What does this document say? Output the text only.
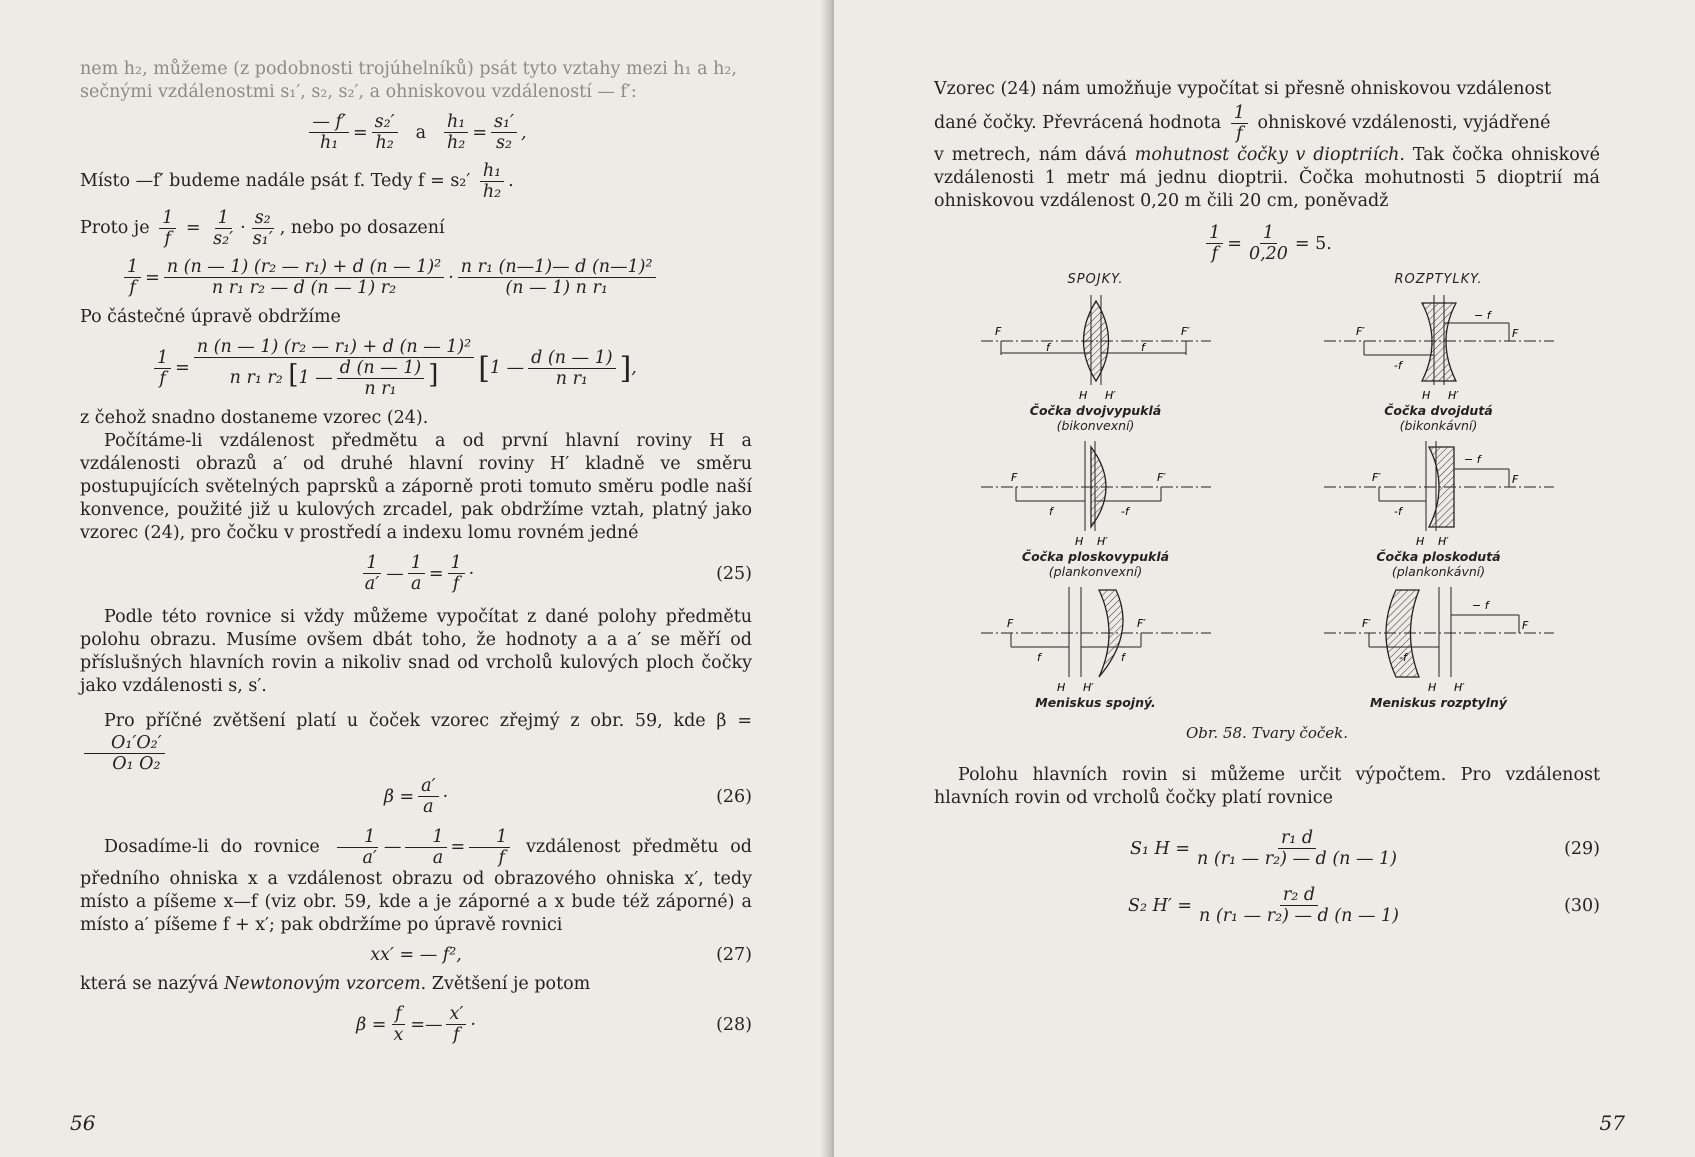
nem h₂, můžeme (z podobnosti trojúhelníků) psát tyto vztahy mezi h₁ a h₂,

sečnými vzdálenostmi s₁′, s₂, s₂′, a ohniskovou vzdáleností — f′:

$\frac{— f'}{\text{h₁}} = \frac{\text{s₂′}}{\text{h₂}}$ a $\frac{\text{h₁}}{\text{h₂}} = \frac{\text{s₁′}}{\text{s₂}}$ ,

Místo —f′ budeme nadále psát f. Tedy $f = s_2' \frac{\text{h₁}}{\text{h₂}}$ .

Proto je $\frac{1}{f} = \frac{1}{\text{s₂′}} \cdot \frac{\text{s₂}}{\text{s₁′}}$ , nebo po dosazení

$\frac{1}{f} = \frac{\text{n (n — 1) (r₂ — r₁) + d (n — 1)²}}{\text{n r₁ r₂ — d (n — 1) r₂}} \cdot \frac{\text{n r₁ (n—1)— d (n—1)²}}{\text{(n — 1) n r₁}}$

Po částečné úpravě obdržíme

$\frac{1}{f} = \frac{\text{n (n — 1) (r₂ — r₁) + d (n — 1)²}}{n r_1 r_2 [1 — \frac{d (n — 1)}{\text{n r₁}} ]}$ [ 1 — $\frac{d (n — 1)}{\text{n r₁}}$ ] ,

z čehož snadno dostaneme vzorec (24).

Počítáme-li vzdálenost předmětu a od první hlavní roviny H a vzdálenosti obrazů a′ od druhé hlavní roviny H′ kladně ve směru postupujících světelných paprsků a záporně proti tomuto směru podle naší konvence, použité již u kulových zrcadel, pak obdržíme vztah, platný jako vzorec (24), pro čočku v prostředí a indexu lomu rovném jedné

$\frac{1}{a'}$ — $\frac{1}{a} = \frac{1}{f}$ ·	(25)

Podle této rovnice si vždy můžeme vypočítat z dané polohy předmětu polohu obrazu. Musíme ovšem dbát toho, že hodnoty a a a′ se měří od příslušných hlavních rovin a nikoliv snad od vrcholů kulových ploch čočky jako vzdálenosti s, s′.

Pro příčné zvětšení platí u čoček vzorec zřejmý z obr. 59, kde β =
$\frac{\text{O₁′O₂′}}{\text{O₁ O₂}}$

$\beta = \frac{a'}{a}$ ·	(26)

Dosadíme-li do rovnice $\frac{1}{a'}$ — $\frac{1}{a} = \frac{1}{f}$ vzdálenost předmětu od předního ohniska x a vzdálenost obrazu od obrazového ohniska x′, tedy místo a píšeme x—f (viz obr. 59, kde a je záporné a x bude též záporné) a místo a′ píšeme f + x′; pak obdržíme po úpravě rovnici

xx′ = — f²,	(27)

která se nazývá Newtonovým vzorcem. Zvětšení je potom

$\beta = \frac{f}{x}$ = — $\frac{x'}{f}$ ·	(28)
56

Vzorec (24) nám umožňuje vypočítat si přesně ohniskovou vzdálenost

dané čočky. Převrácená hodnota $\frac{1}{f}$ ohniskové vzdálenosti, vyjádřené

v metrech, nám dává mohutnost čočky v dioptriích. Tak čočka ohniskové vzdálenosti 1 metr má jednu dioptrii. Čočka mohutnosti 5 dioptrií má ohniskovou vzdálenost 0,20 m čili 20 cm, poněvadž

$\frac{1}{f} = \frac{1}{0,20} = 5$.
SPOJKY.	ROZPTYLKY.
F	F′
f	f
H H′
Čočka dvojvypuklá
(bikonvexní)
− f
F
F′
-f
H H′
Čočka dvojdutá
(bikonkávní)
F	F′
f	-f
H H′
Čočka ploskovypuklá
(plankonvexní)
− f
F
F′
-f
H H′
Čočka ploskodutá
(plankonkávní)
F	F′
f	f
H H′
Meniskus spojný.
− f
F
F′
-f
H H′
Meniskus rozptylný
Obr. 58. Tvary čoček.

Polohu hlavních rovin si můžeme určit výpočtem. Pro vzdálenost hlavních rovin od vrcholů čočky platí rovnice

S₁ $H = \frac{\text{r₁ d}}{\text{n (r₁ — r₂) — d (n — 1)}}$	(29)
S₂ $H' = \frac{\text{r₂ d}}{\text{n (r₁ — r₂) — d (n — 1)}}$	(30)
57
